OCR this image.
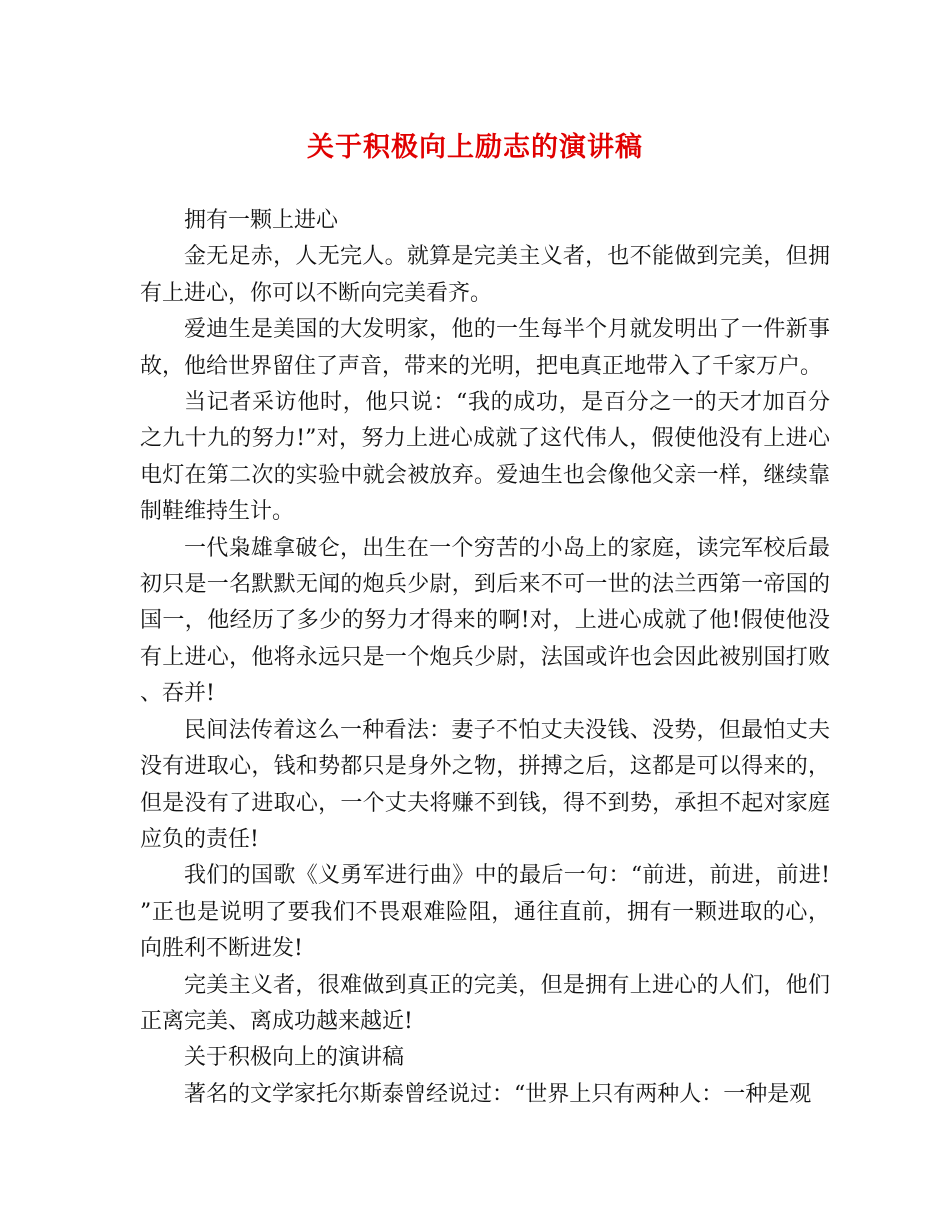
关于积极向上励志的演讲稿

拥有一颗上进心

金无足赤，人无完人。就算是完美主义者，也不能做到完美，但拥有上进心，你可以不断向完美看齐。

爱迪生是美国的大发明家，他的一生每半个月就发明出了一件新事故，他给世界留住了声音，带来的光明，把电真正地带入了千家万户。

当记者采访他时，他只说：“我的成功，是百分之一的天才加百分之九十九的努力!”对，努力上进心成就了这代伟人，假使他没有上进心电灯在第二次的实验中就会被放弃。爱迪生也会像他父亲一样，继续靠制鞋维持生计。

一代枭雄拿破仑，出生在一个穷苦的小岛上的家庭，读完军校后最初只是一名默默无闻的炮兵少尉，到后来不可一世的法兰西第一帝国的国一，他经历了多少的努力才得来的啊!对，上进心成就了他!假使他没有上进心，他将永远只是一个炮兵少尉，法国或许也会因此被别国打败、吞并!

民间法传着这么一种看法：妻子不怕丈夫没钱、没势，但最怕丈夫没有进取心，钱和势都只是身外之物，拼搏之后，这都是可以得来的，但是没有了进取心，一个丈夫将赚不到钱，得不到势，承担不起对家庭应负的责任!

我们的国歌《义勇军进行曲》中的最后一句：“前进，前进，前进!”正也是说明了要我们不畏艰难险阻，通往直前，拥有一颗进取的心，向胜利不断进发!

完美主义者，很难做到真正的完美，但是拥有上进心的人们，他们正离完美、离成功越来越近!

关于积极向上的演讲稿

著名的文学家托尔斯泰曾经说过：“世界上只有两种人：一种是观
